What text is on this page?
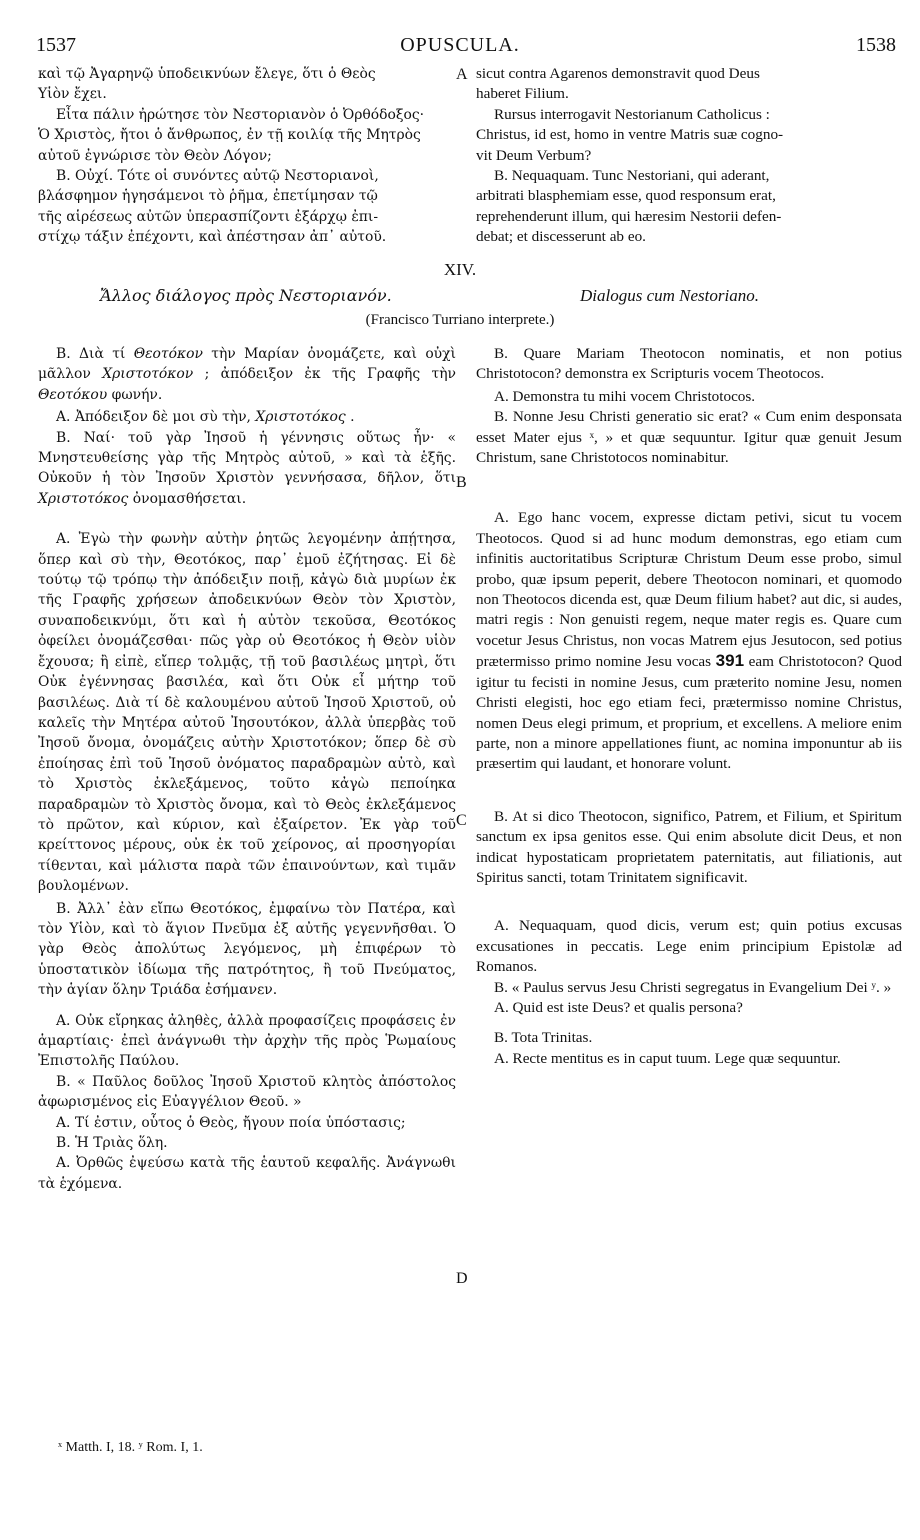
1537	OPUSCULA.	1538
καὶ τῷ Ἀγαρηνῷ ὑποδεικνύων ἔλεγε, ὅτι ὁ Θεὸς
Υἱὸν ἔχει.
Εἶτα πάλιν ἠρώτησε τὸν Νεστοριανὸν ὁ Ὀρθόδοξος·
Ὁ Χριστὸς, ἤτοι ὁ ἄνθρωπος, ἐν τῇ κοιλίᾳ τῆς Μητρὸς
αὐτοῦ ἐγνώρισε τὸν Θεὸν Λόγον;
Β. Οὐχί. Τότε οἱ συνόντες αὐτῷ Νεστοριανοὶ,
βλάσφημον ἡγησάμενοι τὸ ῥῆμα, ἐπετίμησαν τῷ
τῆς αἱρέσεως αὐτῶν ὑπερασπίζοντι ἐξάρχῳ ἐπι-
στίχῳ τάξιν ἐπέχοντι, καὶ ἀπέστησαν ἀπ᾽ αὐτοῦ.
A sicut contra Agarenos demonstravit quod Deus
haberet Filium.
Rursus interrogavit Nestorianum Catholicus :
Christus, id est, homo in ventre Matris suæ cogno-
vit Deum Verbum?
B. Nequaquam. Tunc Nestoriani, qui aderant,
arbitrati blasphemiam esse, quod responsum erat,
reprehenderunt illum, qui hæresim Nestorii defen-
debat; et discesserunt ab eo.
XIV.
Ἄλλος διάλογος πρὸς Νεστοριανόν.	Dialogus cum Nestoriano.
(Francisco Turriano interprete.)
B
C
D

Β. Διὰ τί Θεοτόκον τὴν Μαρίαν ὀνομάζετε, καὶ οὐχὶ μᾶλλον Χριστοτόκον ; ἀπόδειξον ἐκ τῆς Γραφῆς τὴν Θεοτόκου φωνήν.

Α. Ἀπόδειξον δὲ μοι σὺ τὴν, Χριστοτόκος .

Β. Ναί· τοῦ γὰρ Ἰησοῦ ἡ γέννησις οὕτως ἦν· « Μνηστευθείσης γὰρ τῆς Μητρὸς αὐτοῦ, » καὶ τὰ ἑξῆς. Οὐκοῦν ἡ τὸν Ἰησοῦν Χριστὸν γεννήσασα, δῆλον, ὅτι Χριστοτόκος ὀνομασθήσεται.

Α. Ἐγὼ τὴν φωνὴν αὐτὴν ῥητῶς λεγομένην ἀπῄτησα, ὅπερ καὶ σὺ τὴν, Θεοτόκος, παρ᾽ ἐμοῦ ἐζήτησας. Εἰ δὲ τούτῳ τῷ τρόπῳ τὴν ἀπόδειξιν ποιῇ, κἀγὼ διὰ μυρίων ἐκ τῆς Γραφῆς χρήσεων ἀποδεικνύων Θεὸν τὸν Χριστὸν, συναποδεικνύμι, ὅτι καὶ ἡ αὐτὸν τεκοῦσα, Θεοτόκος ὀφείλει ὀνομάζεσθαι· πῶς γὰρ οὐ Θεοτόκος ἡ Θεὸν υἱὸν ἔχουσα; ἢ εἰπὲ, εἴπερ τολμᾷς, τῇ τοῦ βασιλέως μητρὶ, ὅτι Οὐκ ἐγέννησας βασιλέα, καὶ ὅτι Οὐκ εἶ μήτηρ τοῦ βασιλέως. Διὰ τί δὲ καλουμένου αὐτοῦ Ἰησοῦ Χριστοῦ, οὐ καλεῖς τὴν Μητέρα αὐτοῦ Ἰησουτόκον, ἀλλὰ ὑπερβὰς τοῦ Ἰησοῦ ὄνομα, ὀνομάζεις αὐτὴν Χριστοτόκον; ὅπερ δὲ σὺ ἐποίησας ἐπὶ τοῦ Ἰησοῦ ὀνόματος παραδραμὼν αὐτὸ, καὶ τὸ Χριστὸς ἐκλεξάμενος, τοῦτο κἀγὼ πεποίηκα παραδραμὼν τὸ Χριστὸς ὄνομα, καὶ τὸ Θεὸς ἐκλεξάμενος τὸ πρῶτον, καὶ κύριον, καὶ ἐξαίρετον. Ἐκ γὰρ τοῦ κρείττονος μέρους, οὐκ ἐκ τοῦ χείρονος, αἱ προσηγορίαι τίθενται, καὶ μάλιστα παρὰ τῶν ἐπαινούντων, καὶ τιμᾶν βουλομένων.

Β. Ἀλλ᾽ ἐὰν εἴπω Θεοτόκος, ἐμφαίνω τὸν Πατέρα, καὶ τὸν Υἱὸν, καὶ τὸ ἅγιον Πνεῦμα ἐξ αὐτῆς γεγεννῆσθαι. Ὁ γὰρ Θεὸς ἀπολύτως λεγόμενος, μὴ ἐπιφέρων τὸ ὑποστατικὸν ἰδίωμα τῆς πατρότητος, ἢ τοῦ Πνεύματος, τὴν ἁγίαν ὅλην Τριάδα ἐσήμανεν.

Α. Οὐκ εἴρηκας ἀληθὲς, ἀλλὰ προφασίζεις προφάσεις ἐν ἁμαρτίαις· ἐπεὶ ἀνάγνωθι τὴν ἀρχὴν τῆς πρὸς Ῥωμαίους Ἐπιστολῆς Παύλου.

Β. « Παῦλος δοῦλος Ἰησοῦ Χριστοῦ κλητὸς ἀπόστολος ἀφωρισμένος εἰς Εὐαγγέλιον Θεοῦ. »

Α. Τί ἐστιν, οὗτος ὁ Θεὸς, ἤγουν ποία ὑπόστασις;

Β. Ἡ Τριὰς ὅλη.

Α. Ὀρθῶς ἐψεύσω κατὰ τῆς ἑαυτοῦ κεφαλῆς. Ἀνάγνωθι τὰ ἑχόμενα.

B. Quare Mariam Theotocon nominatis, et non potius Christotocon? demonstra ex Scripturis vocem Theotocos.

A. Demonstra tu mihi vocem Christotocos.

B. Nonne Jesu Christi generatio sic erat? « Cum enim desponsata esset Mater ejus ˣ, » et quæ sequuntur. Igitur quæ genuit Jesum Christum, sane Christotocos nominabitur.

A. Ego hanc vocem, expresse dictam petivi, sicut tu vocem Theotocos. Quod si ad hunc modum demonstras, ego etiam cum infinitis auctoritatibus Scripturæ Christum Deum esse probo, simul probo, quæ ipsum peperit, debere Theotocon nominari, et quomodo non Theotocos dicenda est, quæ Deum filium habet? aut dic, si audes, matri regis : Non genuisti regem, neque mater regis es. Quare cum vocetur Jesus Christus, non vocas Matrem ejus Jesutocon, sed potius prætermisso primo nomine Jesu vocas 391 eam Christotocon? Quod igitur tu fecisti in nomine Jesus, cum præterito nomine Jesu, nomen Christi elegisti, hoc ego etiam feci, prætermisso nomine Christus, nomen Deus elegi primum, et proprium, et excellens. A meliore enim parte, non a minore appellationes fiunt, ac nomina imponuntur ab iis præsertim qui laudant, et honorare volunt.

B. At si dico Theotocon, significo, Patrem, et Filium, et Spiritum sanctum ex ipsa genitos esse. Qui enim absolute dicit Deus, et non indicat hypostaticam proprietatem paternitatis, aut filiationis, aut Spiritus sancti, totam Trinitatem significavit.

A. Nequaquam, quod dicis, verum est; quin potius excusas excusationes in peccatis. Lege enim principium Epistolæ ad Romanos.

B. « Paulus servus Jesu Christi segregatus in Evangelium Dei ʸ. »

A. Quid est iste Deus? et qualis persona?

B. Tota Trinitas.

A. Recte mentitus es in caput tuum. Lege quæ sequuntur.

ˣ Matth. I, 18. ʸ Rom. I, 1.
